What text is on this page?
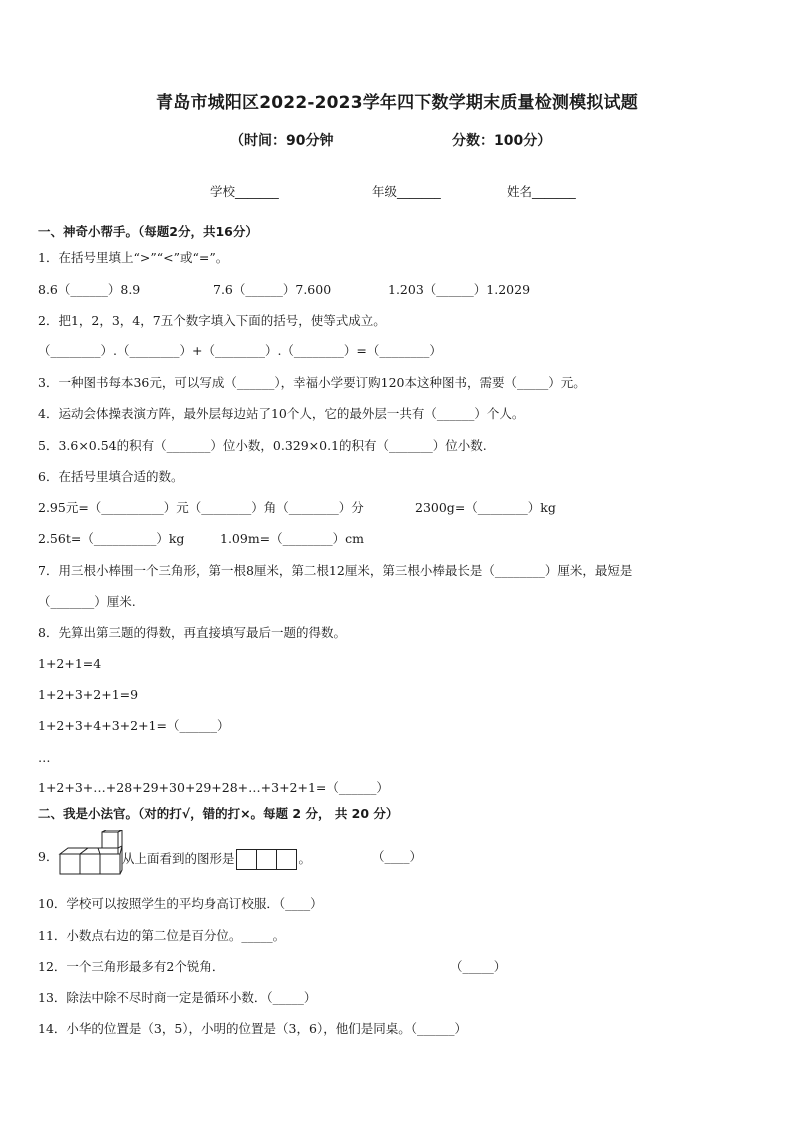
青岛市城阳区2022-2023学年四下数学期末质量检测模拟试题
（时间：90分钟	分数：100分）
学校_______	年级_______	姓名_______
一、神奇小帮手。（每题2分，共16分）
1．在括号里填上“>”“<”或“=”。
8.6（______）8.9	7.6（______）7.600	1.203（______）1.2029
2．把1，2，3，4，7五个数字填入下面的括号，使等式成立。
（________）.（________）+（________）.（________）=（________）
3．一种图书每本36元，可以写成（______），幸福小学要订购120本这种图书，需要（_____）元。
4．运动会体操表演方阵，最外层每边站了10个人，它的最外层一共有（______）个人。
5．3.6×0.54的积有（_______）位小数，0.329×0.1的积有（_______）位小数.
6．在括号里填合适的数。
2.95元=（__________）元（________）角（________）分	2300g=（________）kg
2.56t=（__________）kg	1.09m=（________）cm
7．用三根小棒围一个三角形，第一根8厘米，第二根12厘米，第三根小棒最长是（________）厘米，最短是
（_______）厘米.
8．先算出第三题的得数，再直接填写最后一题的得数。
1+2+1=4
1+2+3+2+1=9
1+2+3+4+3+2+1=（______）
…
1+2+3+…+28+29+30+29+28+…+3+2+1=（______）
二、我是小法官。（对的打√，错的打×。每题 2 分， 共 20 分）
9．	从上面看到的图形是	。	（____）
10．学校可以按照学生的平均身高订校服．（____）
11．小数点右边的第二位是百分位。_____。
12．一个三角形最多有2个锐角．	（_____）
13．除法中除不尽时商一定是循环小数．（_____）
14．小华的位置是（3，5），小明的位置是（3，6），他们是同桌。（______）
